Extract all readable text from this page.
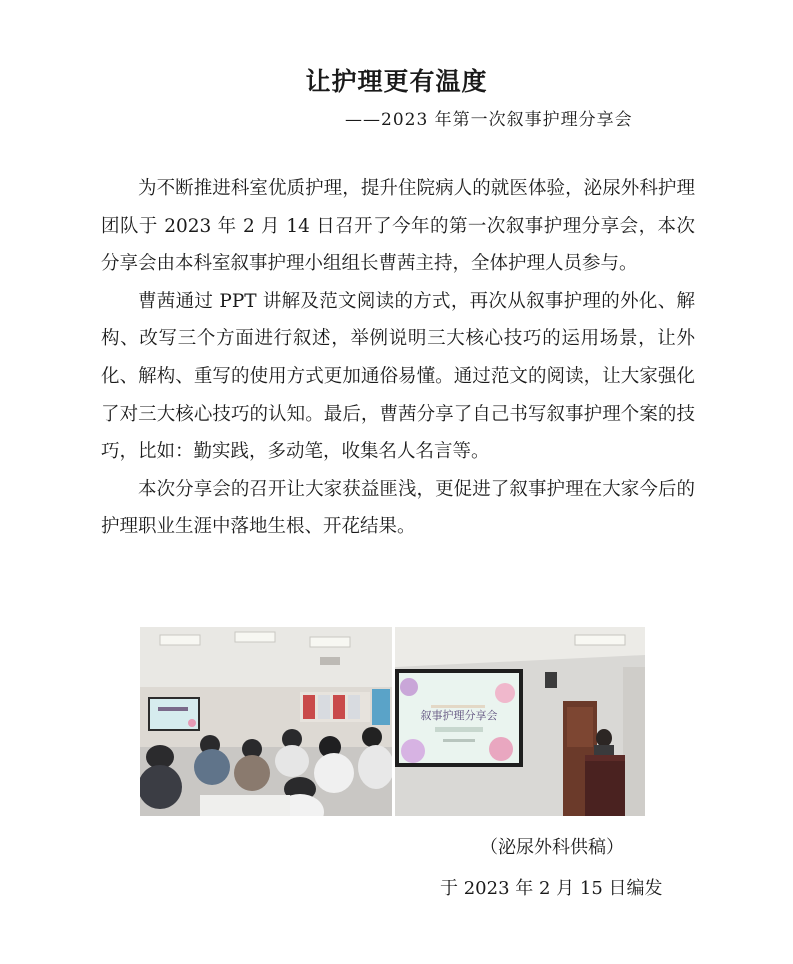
让护理更有温度
——2023 年第一次叙事护理分享会

为不断推进科室优质护理，提升住院病人的就医体验，泌尿外科护理团队于 2023 年 2 月 14 日召开了今年的第一次叙事护理分享会，本次分享会由本科室叙事护理小组组长曹茜主持，全体护理人员参与。

曹茜通过 PPT 讲解及范文阅读的方式，再次从叙事护理的外化、解构、改写三个方面进行叙述，举例说明三大核心技巧的运用场景，让外化、解构、重写的使用方式更加通俗易懂。通过范文的阅读，让大家强化了对三大核心技巧的认知。最后，曹茜分享了自己书写叙事护理个案的技巧，比如：勤实践，多动笔，收集名人名言等。

本次分享会的召开让大家获益匪浅，更促进了叙事护理在大家今后的护理职业生涯中落地生根、开花结果。

叙事护理分享会
（泌尿外科供稿）
于 2023 年 2 月 15 日编发
